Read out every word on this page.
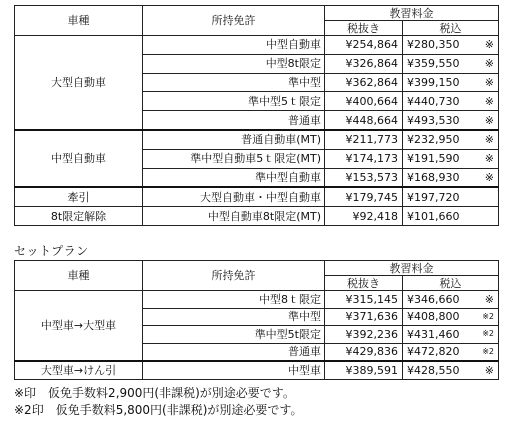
車種	所持免許	教習料金		
		税抜き	税込	
大型自動車	中型自動車	¥254,864	¥280,350	※
	中型8t限定	¥326,864	¥359,550	※
	準中型	¥362,864	¥399,150	※
	準中型5ｔ限定	¥400,664	¥440,730	※
	普通車	¥448,664	¥493,530	※
中型自動車	普通自動車(MT)	¥211,773	¥232,950	※
	準中型自動車5ｔ限定(MT)	¥174,173	¥191,590	※
	準中型自動車	¥153,573	¥168,930	※
牽引	大型自動車・中型自動車	¥179,745	¥197,720	
8t限定解除	中型自動車8t限定(MT)	¥92,418	¥101,660	
セットプラン
車種	所持免許	教習料金		
		税抜き	税込	
中型車→大型車	中型8ｔ限定	¥315,145	¥346,660	※
	準中型	¥371,636	¥408,800	※2
	準中型5t限定	¥392,236	¥431,460	※2
	普通車	¥429,836	¥472,820	※2
大型車→けん引	中型車	¥389,591	¥428,550	※
※印　仮免手数料2,900円(非課税)が別途必要です。
※2印　仮免手数料5,800円(非課税)が別途必要です。
